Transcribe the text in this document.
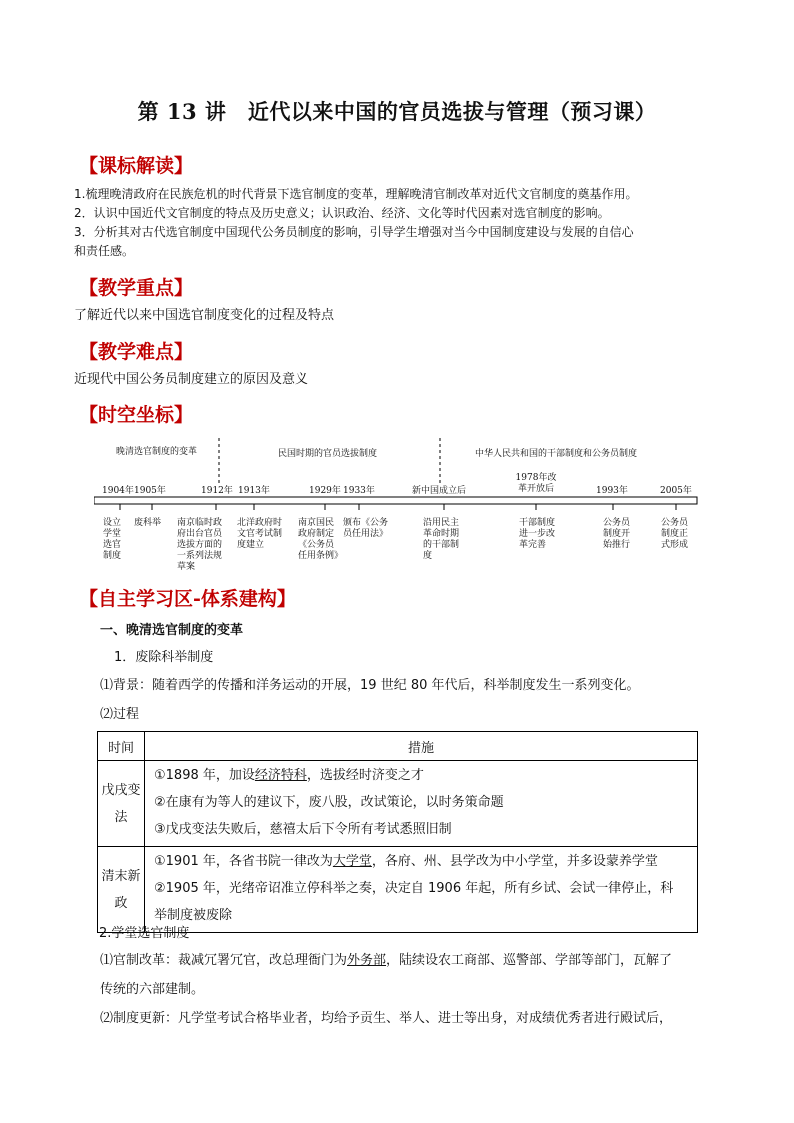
第 13 讲　近代以来中国的官员选拔与管理（预习课）
【课标解读】
1.梳理晚清政府在民族危机的时代背景下选官制度的变革，理解晚清官制改革对近代文官制度的奠基作用。
2．认识中国近代文官制度的特点及历史意义；认识政治、经济、文化等时代因素对选官制度的影响。
3．分析其对古代选官制度中国现代公务员制度的影响，引导学生增强对当今中国制度建设与发展的自信心
和责任感。
【教学重点】
了解近代以来中国选官制度变化的过程及特点
【教学难点】
近现代中国公务员制度建立的原因及意义
【时空坐标】
晚清选官制度的变革	民国时期的官员选拔制度	中华人民共和国的干部制度和公务员制度
1904年 1905年	1912年 1913年	1929年 1933年	新中国成立后
1978年改革开放后	1993年	2005年
设立学堂选官制度
废科举	南京临时政府出台官员选拔方面的一系列法规草案
北洋政府时文官考试制度建立
南京国民政府制定《公务员任用条例》
颁布《公务员任用法》
沿用民主革命时期的干部制度
干部制度进一步改革完善
公务员制度开始推行
公务员制度正式形成
【自主学习区-体系建构】
一、晚清选官制度的变革
1．废除科举制度
⑴背景：随着西学的传播和洋务运动的开展，19 世纪 80 年代后，科举制度发生一系列变化。
⑵过程
时间	措施
戊戌变法	①1898 年，加设经济特科，选拔经时济变之才
②在康有为等人的建议下，废八股，改试策论，以时务策命题
③戊戌变法失败后，慈禧太后下令所有考试悉照旧制

清末新政	①1901 年，各省书院一律改为大学堂，各府、州、县学改为中小学堂，并多设蒙养学堂
②1905 年，光绪帝诏准立停科举之奏，决定自 1906 年起，所有乡试、会试一律停止，科
举制度被废除
2.学堂选官制度
⑴官制改革：裁减冗署冗官，改总理衙门为外务部，陆续设农工商部、巡警部、学部等部门，瓦解了
传统的六部建制。
⑵制度更新：凡学堂考试合格毕业者，均给予贡生、举人、进士等出身，对成绩优秀者进行殿试后，
